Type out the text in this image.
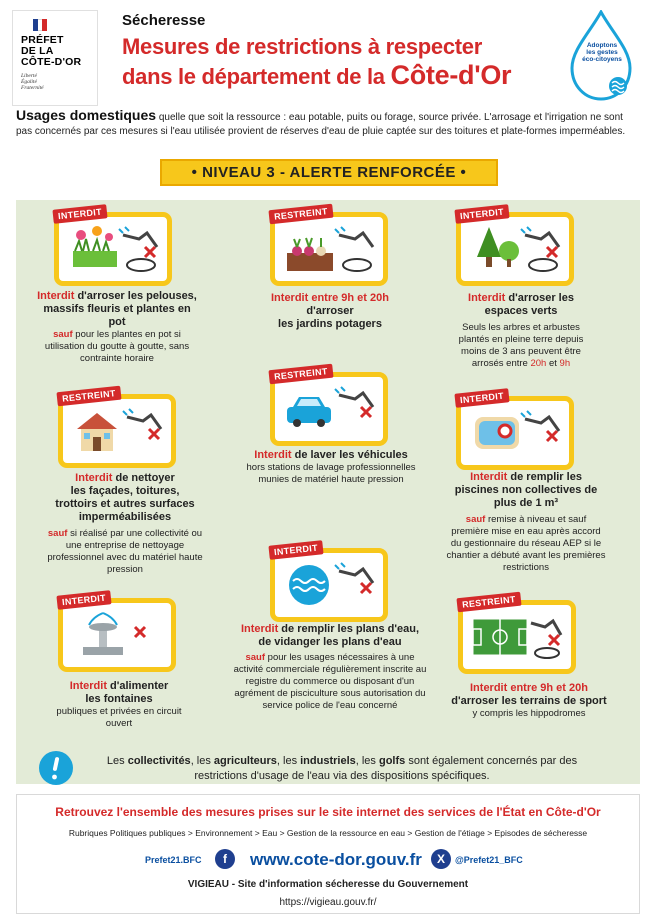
PRÉFET
DE LA
CÔTE-D'OR
Liberté
Égalité
Fraternité
Sécheresse
Mesures de restrictions à respecter
dans le département de la Côte-d'Or
Adoptons
les gestes
éco-citoyens
Usages domestiques quelle que soit la ressource : eau potable, puits ou forage, source privée. L'arrosage et l'irrigation ne sont pas concernés par ces mesures si l'eau utilisée provient de réserves d'eau de pluie captée sur des toitures et plate-formes imperméables.
• NIVEAU 3 - ALERTE RENFORCÉE •
INTERDIT
Interdit d'arroser les pelouses,
massifs fleuris et plantes en pot
sauf pour les plantes en pot si utilisation du goutte à goutte, sans contrainte horaire
RESTREINT
Interdit entre 9h et 20h
d'arroser
les jardins potagers
INTERDIT
Interdit d'arroser les
espaces verts
Seuls les arbres et arbustes plantés en pleine terre depuis moins de 3 ans peuvent être arrosés entre 20h et 9h
RESTREINT
Interdit de nettoyer
les façades, toitures,
trottoirs et autres surfaces
imperméabilisées
sauf si réalisé par une collectivité ou une entreprise de nettoyage professionnel avec du matériel haute pression
RESTREINT
Interdit de laver les véhicules
hors stations de lavage professionnelles munies de matériel haute pression
INTERDIT
Interdit de remplir les
piscines non collectives de
plus de 1 m³
sauf remise à niveau et sauf première mise en eau après accord du gestionnaire du réseau AEP si le chantier a débuté avant les premières restrictions
INTERDIT
Interdit d'alimenter
les fontaines
publiques et privées en circuit ouvert
INTERDIT
Interdit de remplir les plans d'eau,
de vidanger les plans d'eau
sauf pour les usages nécessaires à une activité commerciale régulièrement inscrite au registre du commerce ou disposant d'un agrément de pisciculture sous autorisation du service police de l'eau concerné
RESTREINT
Interdit entre 9h et 20h
d'arroser les terrains de sport
y compris les hippodromes
Les collectivités, les agriculteurs, les industriels, les golfs sont également concernés par des restrictions d'usage de l'eau via des dispositions spécifiques.
Retrouvez l'ensemble des mesures prises sur le site internet des services de l'État en Côte-d'Or
Rubriques Politiques publiques > Environnement > Eau > Gestion de la ressource en eau > Gestion de l'étiage > Episodes de sécheresse
Prefet21.BFC	f	www.cote-dor.gouv.fr	X	@Prefet21_BFC
VIGIEAU - Site d'information sécheresse du Gouvernement
https://vigieau.gouv.fr/
